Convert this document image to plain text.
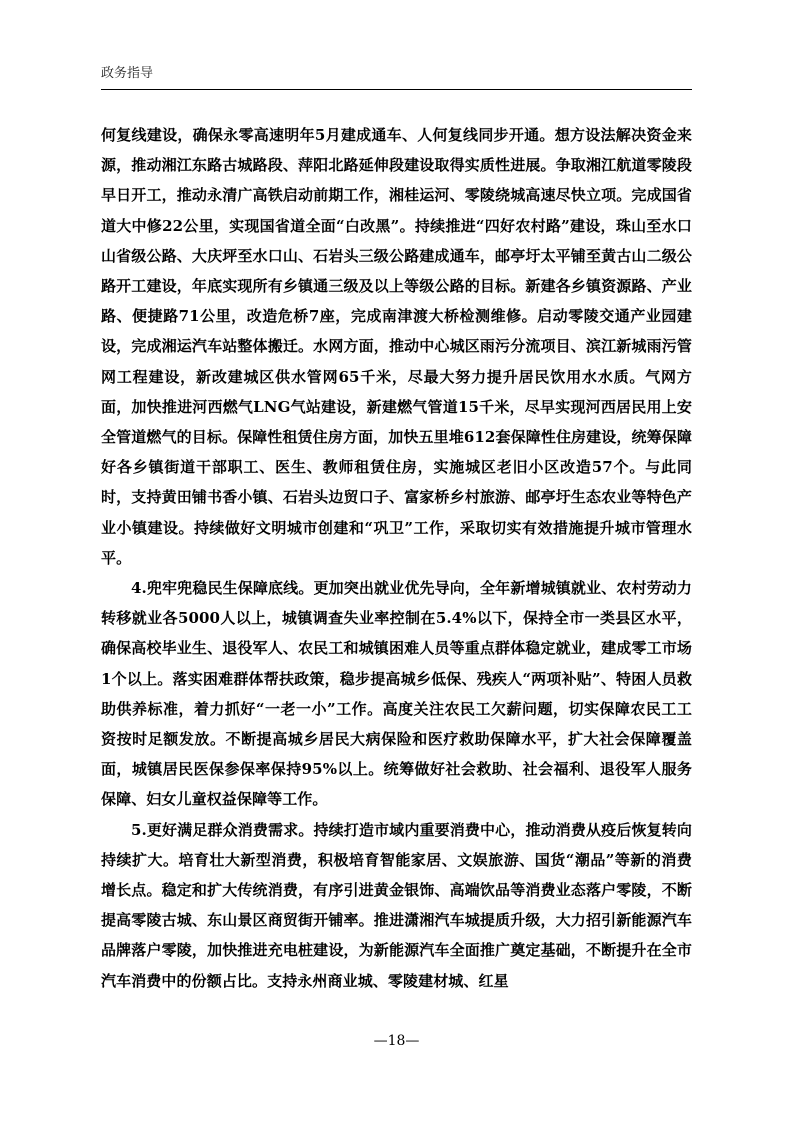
政务指导

何复线建设，确保永零高速明年5月建成通车、人何复线同步开通。想方设法解决资金来源，推动湘江东路古城路段、萍阳北路延伸段建设取得实质性进展。争取湘江航道零陵段早日开工，推动永清广高铁启动前期工作，湘桂运河、零陵绕城高速尽快立项。完成国省道大中修22公里，实现国省道全面“白改黑”。持续推进“四好农村路”建设，珠山至水口山省级公路、大庆坪至水口山、石岩头三级公路建成通车，邮亭圩太平铺至黄古山二级公路开工建设，年底实现所有乡镇通三级及以上等级公路的目标。新建各乡镇资源路、产业路、便捷路71公里，改造危桥7座，完成南津渡大桥检测维修。启动零陵交通产业园建设，完成湘运汽车站整体搬迁。水网方面，推动中心城区雨污分流项目、滨江新城雨污管网工程建设，新改建城区供水管网65千米，尽最大努力提升居民饮用水水质。气网方面，加快推进河西燃气LNG气站建设，新建燃气管道15千米，尽早实现河西居民用上安全管道燃气的目标。保障性租赁住房方面，加快五里堆612套保障性住房建设，统筹保障好各乡镇街道干部职工、医生、教师租赁住房，实施城区老旧小区改造57个。与此同时，支持黄田铺书香小镇、石岩头边贸口子、富家桥乡村旅游、邮亭圩生态农业等特色产业小镇建设。持续做好文明城市创建和“巩卫”工作，采取切实有效措施提升城市管理水平。

4.兜牢兜稳民生保障底线。更加突出就业优先导向，全年新增城镇就业、农村劳动力转移就业各5000人以上，城镇调查失业率控制在5.4%以下，保持全市一类县区水平，确保高校毕业生、退役军人、农民工和城镇困难人员等重点群体稳定就业，建成零工市场1个以上。落实困难群体帮扶政策，稳步提高城乡低保、残疾人“两项补贴”、特困人员救助供养标准，着力抓好“一老一小”工作。高度关注农民工欠薪问题，切实保障农民工工资按时足额发放。不断提高城乡居民大病保险和医疗救助保障水平，扩大社会保障覆盖面，城镇居民医保参保率保持95%以上。统筹做好社会救助、社会福利、退役军人服务保障、妇女儿童权益保障等工作。

5.更好满足群众消费需求。持续打造市域内重要消费中心，推动消费从疫后恢复转向持续扩大。培育壮大新型消费，积极培育智能家居、文娱旅游、国货“潮品”等新的消费增长点。稳定和扩大传统消费，有序引进黄金银饰、高端饮品等消费业态落户零陵，不断提高零陵古城、东山景区商贸街开铺率。推进潇湘汽车城提质升级，大力招引新能源汽车品牌落户零陵，加快推进充电桩建设，为新能源汽车全面推广奠定基础，不断提升在全市汽车消费中的份额占比。支持永州商业城、零陵建材城、红星

—18—
